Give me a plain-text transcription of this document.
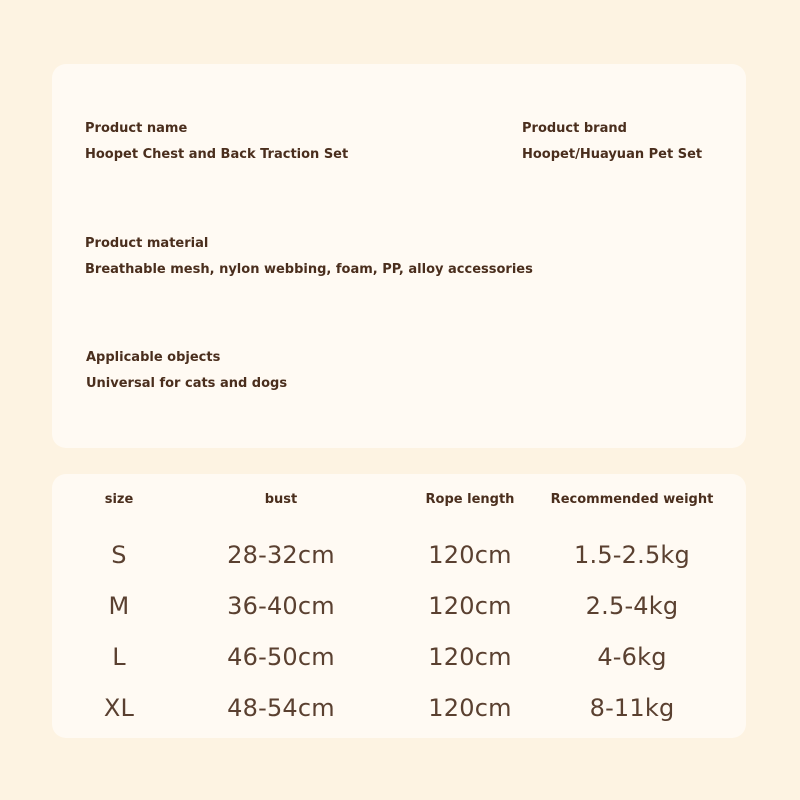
Product name
Hoopet Chest and Back Traction Set
Product brand
Hoopet/Huayuan Pet Set
Product material
Breathable mesh, nylon webbing, foam, PP, alloy accessories
Applicable objects
Universal for cats and dogs
size	bust	Rope length	Recommended weight
S	28-32cm	120cm	1.5-2.5kg
M	36-40cm	120cm	2.5-4kg
L	46-50cm	120cm	4-6kg
XL	48-54cm	120cm	8-11kg
